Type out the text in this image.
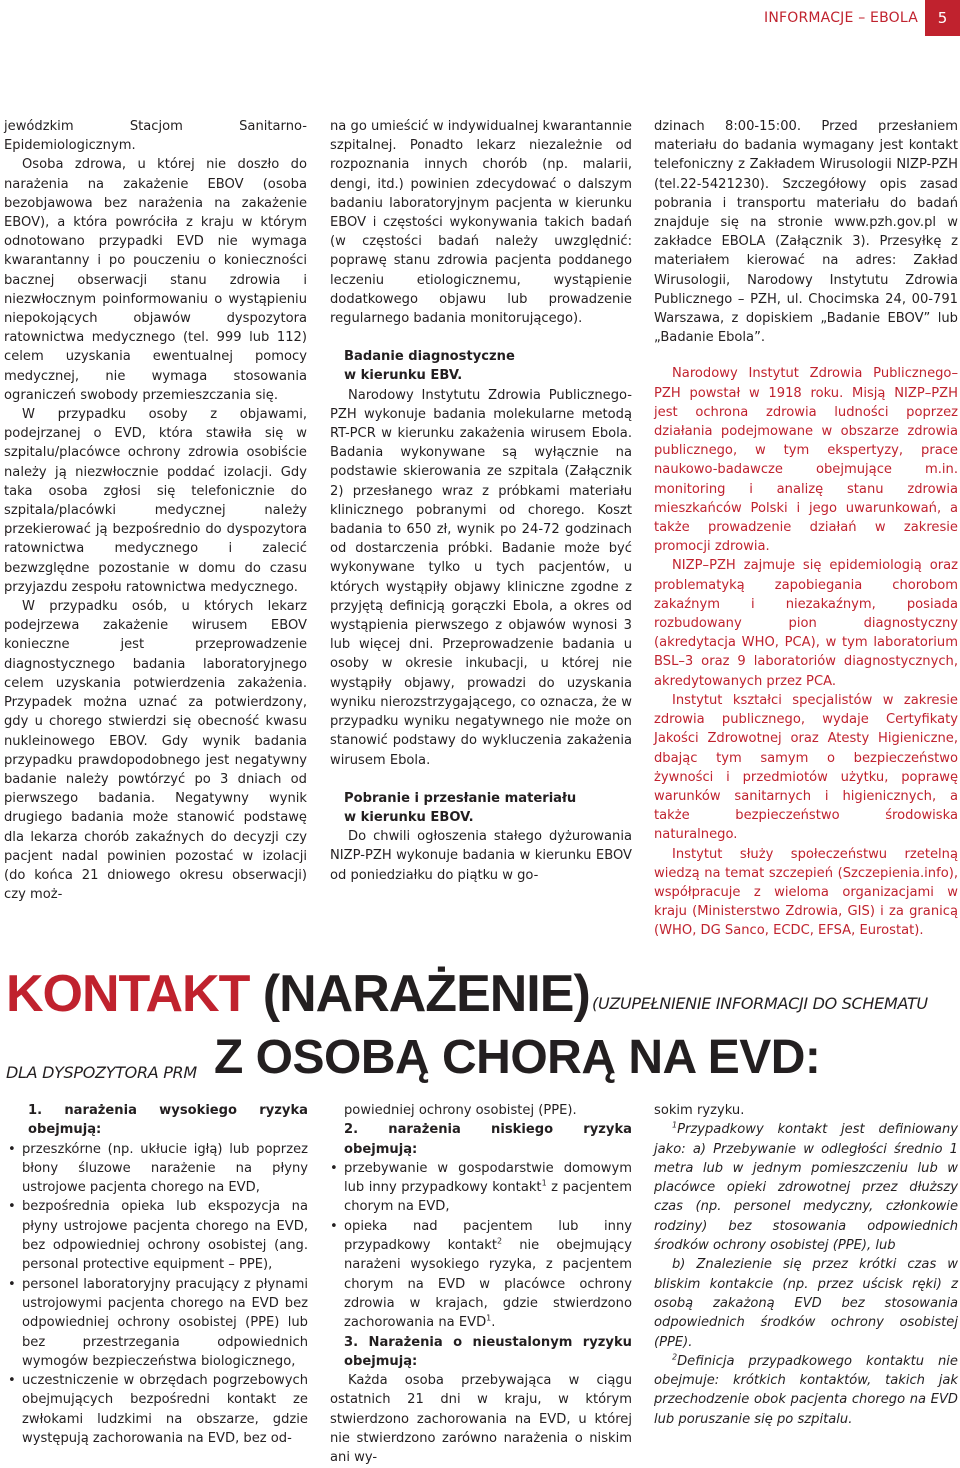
INFORMACJE – EBOLA	5

jewódzkim Stacjom Sanitarno-Epidemiologicznym.

Osoba zdrowa, u której nie doszło do narażenia na zakażenie EBOV (osoba bezobjawowa bez narażenia na zakażenie EBOV), a która powróciła z kraju w którym odnotowano przypadki EVD nie wymaga kwarantanny i po pouczeniu o konieczności bacznej obserwacji stanu zdrowia i niezwłocznym poinformowaniu o wystąpieniu niepokojących objawów dyspozytora ratownictwa medycznego (tel. 999 lub 112) celem uzyskania ewentualnej pomocy medycznej, nie wymaga stosowania ograniczeń swobody przemieszczania się.

W przypadku osoby z objawami, podejrzanej o EVD, która stawiła się w szpitalu/placówce ochrony zdrowia osobiście należy ją niezwłocznie poddać izolacji. Gdy taka osoba zgłosi się telefonicznie do szpitala/placówki medycznej należy przekierować ją bezpośrednio do dyspozytora ratownictwa medycznego i zalecić bezwzględne pozostanie w domu do czasu przyjazdu zespołu ratownictwa medycznego.

W przypadku osób, u których lekarz podejrzewa zakażenie wirusem EBOV konieczne jest przeprowadzenie diagnostycznego badania laboratoryjnego celem uzyskania potwierdzenia zakażenia. Przypadek można uznać za potwierdzony, gdy u chorego stwierdzi się obecność kwasu nukleinowego EBOV. Gdy wynik badania przypadku prawdopodobnego jest negatywny badanie należy powtórzyć po 3 dniach od pierwszego badania. Negatywny wynik drugiego badania może stanowić podstawę dla lekarza chorób zakaźnych do decyzji czy pacjent nadal powinien pozostać w izolacji (do końca 21 dniowego okresu obserwacji) czy moż-

na go umieścić w indywidualnej kwarantannie szpitalnej. Ponadto lekarz niezależnie od rozpoznania innych chorób (np. malarii, dengi, itd.) powinien zdecydować o dalszym badaniu laboratoryjnym pacjenta w kierunku EBOV i częstości wykonywania takich badań (w częstości badań należy uwzględnić: poprawę stanu zdrowia pacjenta poddanego leczeniu etiologicznemu, wystąpienie dodatkowego objawu lub prowadzenie regularnego badania monitorującego).

Badanie diagnostyczne

w kierunku EBV.

Narodowy Instytutu Zdrowia Publicznego-PZH wykonuje badania molekularne metodą RT-PCR w kierunku zakażenia wirusem Ebola. Badania wykonywane są wyłącznie na podstawie skierowania ze szpitala (Załącznik 2) przesłanego wraz z próbkami materiału klinicznego pobranymi od chorego. Koszt badania to 650 zł, wynik po 24-72 godzinach od dostarczenia próbki. Badanie może być wykonywane tylko u tych pacjentów, u których wystąpiły objawy kliniczne zgodne z przyjętą definicją gorączki Ebola, a okres od wystąpienia pierwszego z objawów wynosi 3 lub więcej dni. Przeprowadzenie badania u osoby w okresie inkubacji, u której nie wystąpiły objawy, prowadzi do uzyskania wyniku nierozstrzygającego, co oznacza, że w przypadku wyniku negatywnego nie może on stanowić podstawy do wykluczenia zakażenia wirusem Ebola.

Pobranie i przesłanie materiału

w kierunku EBOV.

Do chwili ogłoszenia stałego dyżurowania NIZP-PZH wykonuje badania w kierunku EBOV od poniedziałku do piątku w go-

dzinach 8:00-15:00. Przed przesłaniem materiału do badania wymagany jest kontakt telefoniczny z Zakładem Wirusologii NIZP-PZH (tel.22-5421230). Szczegółowy opis zasad pobrania i transportu materiału do badań znajduje się na stronie www.pzh.gov.pl w zakładce EBOLA (Załącznik 3). Przesyłkę z materiałem kierować na adres: Zakład Wirusologii, Narodowy Instytutu Zdrowia Publicznego – PZH, ul. Chocimska 24, 00-791 Warszawa, z dopiskiem „Badanie EBOV” lub „Badanie Ebola”.

Narodowy Instytut Zdrowia Publicznego–PZH powstał w 1918 roku. Misją NIZP–PZH jest ochrona zdrowia ludności poprzez działania podejmowane w obszarze zdrowia publicznego, w tym ekspertyzy, prace naukowo-badawcze obejmujące m.in. monitoring i analizę stanu zdrowia mieszkańców Polski i jego uwarunkowań, a także prowadzenie działań w zakresie promocji zdrowia.

NIZP–PZH zajmuje się epidemiologią oraz problematyką zapobiegania chorobom zakaźnym i niezakaźnym, posiada rozbudowany pion diagnostyczny (akredytacja WHO, PCA), w tym laboratorium BSL–3 oraz 9 laboratoriów diagnostycznych, akredytowanych przez PCA.

Instytut kształci specjalistów w zakresie zdrowia publicznego, wydaje Certyfikaty Jakości Zdrowotnej oraz Atesty Higieniczne, dbając tym samym o bezpieczeństwo żywności i przedmiotów użytku, poprawę warunków sanitarnych i higienicznych, a także bezpieczeństwo środowiska naturalnego.

Instytut służy społeczeństwu rzetelną wiedzą na temat szczepień (Szczepienia.info), współpracuje z wieloma organizacjami w kraju (Ministerstwo Zdrowia, GIS) i za granicą (WHO, DG Sanco, ECDC, EFSA, Eurostat).

KONTAKT (NARAŻENIE) (UZUPEŁNIENIE INFORMACJI DO SCHEMATU
DLA DYSPOZYTORA PRM Z OSOBĄ CHORĄ NA EVD:

1. narażenia wysokiego ryzyka obejmują:

• przeszkórne (np. ukłucie igłą) lub poprzez błony śluzowe narażenie na płyny ustrojowe pacjenta chorego na EVD,
• bezpośrednia opieka lub ekspozycja na płyny ustrojowe pacjenta chorego na EVD, bez odpowiedniej ochrony osobistej (ang. personal protective equipment – PPE),
• personel laboratoryjny pracujący z płynami ustrojowymi pacjenta chorego na EVD bez odpowiedniej ochrony osobistej (PPE) lub bez przestrzegania odpowiednich wymogów bezpieczeństwa biologicznego,
• uczestniczenie w obrzędach pogrzebowych obejmujących bezpośredni kontakt ze zwłokami ludzkimi na obszarze, gdzie występują zachorowania na EVD, bez od-

powiedniej ochrony osobistej (PPE).

2. narażenia niskiego ryzyka obejmują:

• przebywanie w gospodarstwie domowym lub inny przypadkowy kontakt$^1$ z pacjentem chorym na EVD,
• opieka nad pacjentem lub inny przypadkowy kontakt$^2$ nie obejmujący narażeni wysokiego ryzyka, z pacjentem chorym na EVD w placówce ochrony zdrowia w krajach, gdzie stwierdzono zachorowania na EVD$^1$.

3. Narażenia o nieustalonym ryzyku obejmują:

Każda osoba przebywająca w ciągu ostatnich 21 dni w kraju, w którym stwierdzono zachorowania na EVD, u której nie stwierdzono zarówno narażenia o niskim ani wy-

sokim ryzyku.

$^1$Przypadkowy kontakt jest definiowany jako: a) Przebywanie w odległości średnio 1 metra lub w jednym pomieszczeniu lub w placówce opieki zdrowotnej przez dłuższy czas (np. personel medyczny, członkowie rodziny) bez stosowania odpowiednich środków ochrony osobistej (PPE), lub

b) Znalezienie się przez krótki czas w bliskim kontakcie (np. przez uścisk ręki) z osobą zakażoną EVD bez stosowania odpowiednich środków ochrony osobistej (PPE).

$^2$Definicja przypadkowego kontaktu nie obejmuje: krótkich kontaktów, takich jak przechodzenie obok pacjenta chorego na EVD lub poruszanie się po szpitalu.
